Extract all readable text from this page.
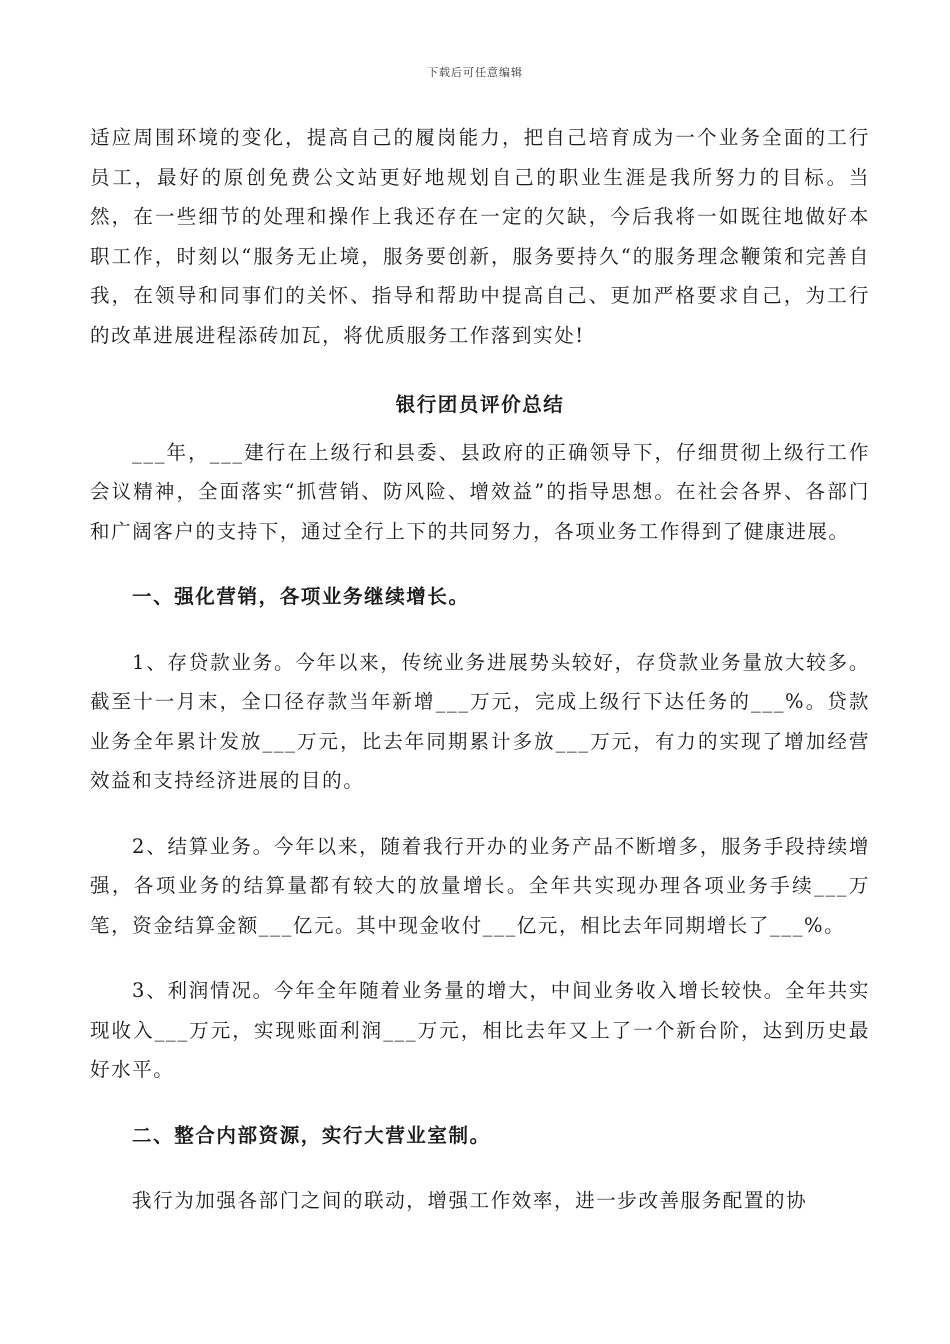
下载后可任意编辑

适应周围环境的变化，提高自己的履岗能力，把自己培育成为一个业务全面的工行员工，最好的原创免费公文站更好地规划自己的职业生涯是我所努力的目标。当然，在一些细节的处理和操作上我还存在一定的欠缺，今后我将一如既往地做好本职工作，时刻以“服务无止境，服务要创新，服务要持久“的服务理念鞭策和完善自我，在领导和同事们的关怀、指导和帮助中提高自己、更加严格要求自己，为工行的改革进展进程添砖加瓦，将优质服务工作落到实处!

银行团员评价总结

___年，___建行在上级行和县委、县政府的正确领导下，仔细贯彻上级行工作会议精神，全面落实“抓营销、防风险、增效益”的指导思想。在社会各界、各部门和广阔客户的支持下，通过全行上下的共同努力，各项业务工作得到了健康进展。

一、强化营销，各项业务继续增长。

1、存贷款业务。今年以来，传统业务进展势头较好，存贷款业务量放大较多。截至十一月末，全口径存款当年新增___万元，完成上级行下达任务的___%。贷款业务全年累计发放___万元，比去年同期累计多放___万元，有力的实现了增加经营效益和支持经济进展的目的。

2、结算业务。今年以来，随着我行开办的业务产品不断增多，服务手段持续增强，各项业务的结算量都有较大的放量增长。全年共实现办理各项业务手续___万笔，资金结算金额___亿元。其中现金收付___亿元，相比去年同期增长了___%。

3、利润情况。今年全年随着业务量的增大，中间业务收入增长较快。全年共实现收入___万元，实现账面利润___万元，相比去年又上了一个新台阶，达到历史最好水平。

二、整合内部资源，实行大营业室制。

我行为加强各部门之间的联动，增强工作效率，进一步改善服务配置的协
